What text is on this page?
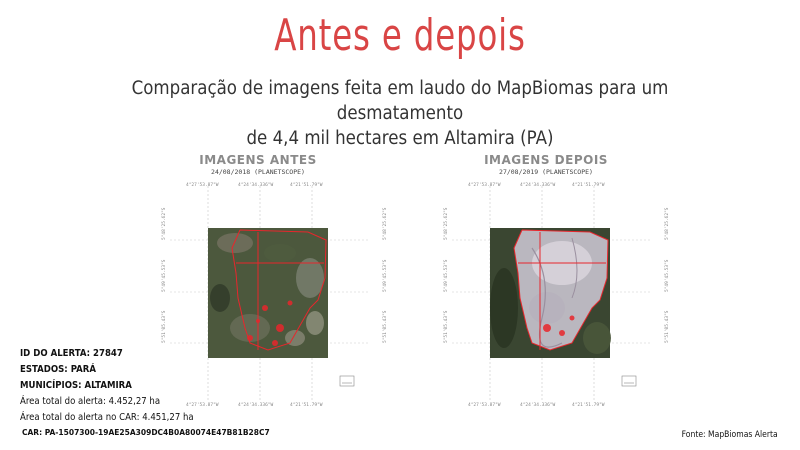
Antes e depois
Comparação de imagens feita em laudo do MapBiomas para um desmatamento
de 4,4 mil hectares em Altamira (PA)
IMAGENS ANTES
24/08/2018 (PLANETSCOPE)
4°27'53.87"W	4°24'34.336"W	4°21'51.79"W
4°27'53.87"W	4°24'34.336"W	4°21'51.79"W
5°48'25.62"S
5°49'45.53"S
5°51'05.43"S
5°48'25.62"S
5°49'45.53"S
5°51'05.43"S
IMAGENS DEPOIS
27/08/2019 (PLANETSCOPE)
4°27'53.87"W	4°24'34.336"W	4°21'51.79"W
4°27'53.87"W	4°24'34.336"W	4°21'51.79"W
5°48'25.62"S
5°49'45.53"S
5°51'05.43"S
5°48'25.62"S
5°49'45.53"S
5°51'05.43"S
ID DO ALERTA: 27847
ESTADOS: PARÁ
MUNICÍPIOS: ALTAMIRA
Área total do alerta: 4.452,27 ha
Área total do alerta no CAR: 4.451,27 ha
CAR: PA-1507300-19AE25A309DC4B0A80074E47B81B28C7	Fonte: MapBiomas Alerta
